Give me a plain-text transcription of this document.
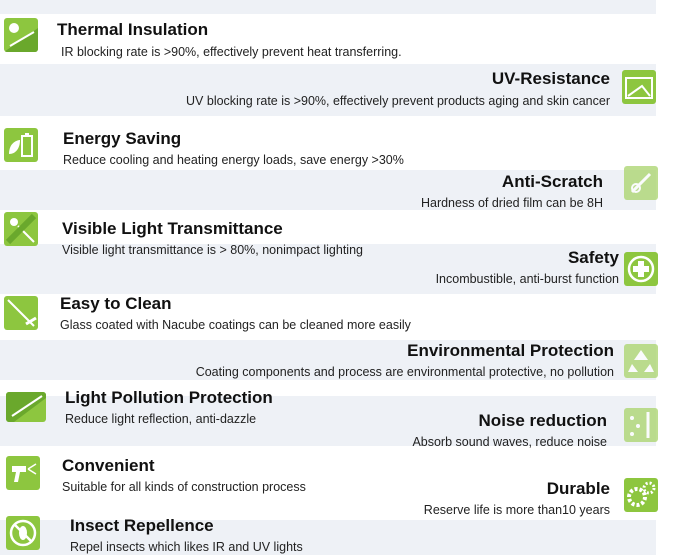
Thermal Insulation
IR blocking rate is >90%, effectively prevent heat transferring.
UV-Resistance
UV blocking rate is >90%, effectively prevent products aging and skin cancer
Energy Saving
Reduce cooling and heating energy loads, save energy >30%
Anti-Scratch
Hardness of dried film can be 8H
Visible Light Transmittance
Visible light transmittance is > 80%, nonimpact lighting	Safety
Incombustible, anti-burst function
Easy to Clean
Glass coated with Nacube coatings can be cleaned more easily
Environmental Protection
Coating components and process are environmental protective, no pollution
Light Pollution Protection
Reduce light reflection, anti-dazzle	Noise reduction
Absorb sound waves, reduce noise
Convenient
Suitable for all kinds of construction process	Durable
Reserve life is more than10 years
Insect Repellence
Repel insects which likes IR and UV lights
